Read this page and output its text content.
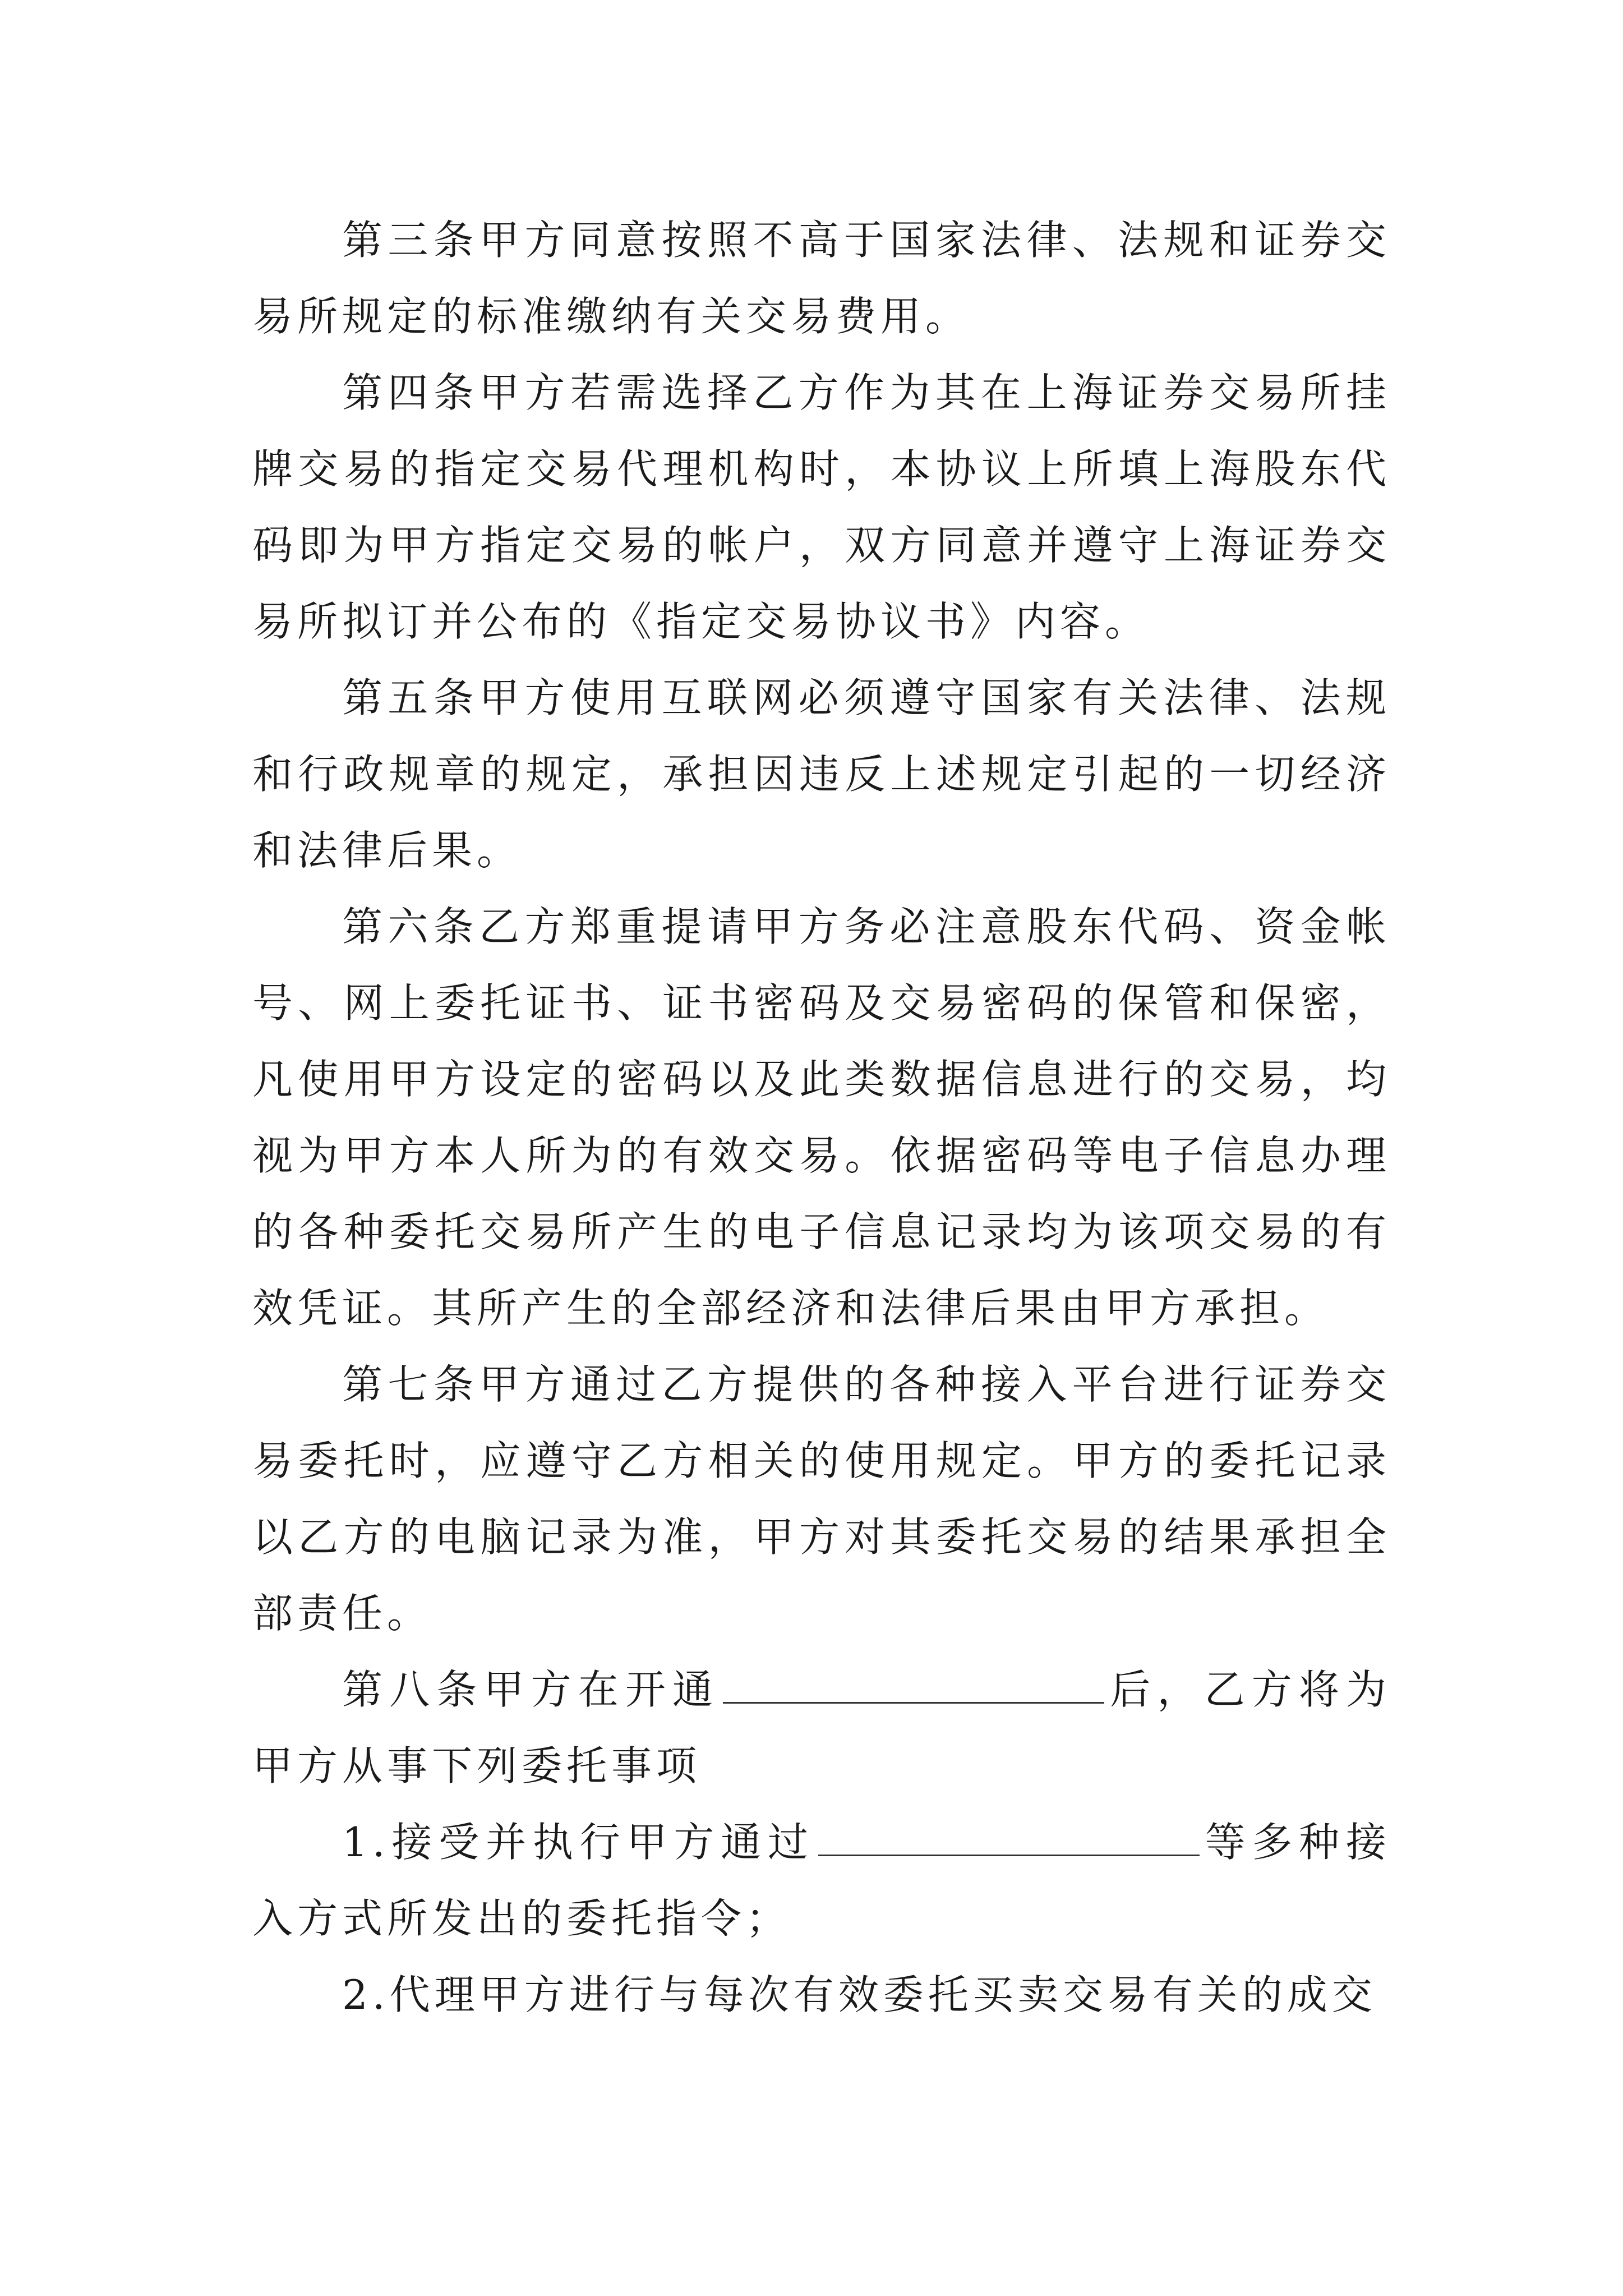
第三条甲方同意按照不高于国家法律、法规和证券交易所规定的标准缴纳有关交易费用。

第四条甲方若需选择乙方作为其在上海证券交易所挂牌交易的指定交易代理机构时，本协议上所填上海股东代码即为甲方指定交易的帐户，双方同意并遵守上海证券交易所拟订并公布的《指定交易协议书》内容。

第五条甲方使用互联网必须遵守国家有关法律、法规和行政规章的规定，承担因违反上述规定引起的一切经济和法律后果。

第六条乙方郑重提请甲方务必注意股东代码、资金帐号、网上委托证书、证书密码及交易密码的保管和保密，凡使用甲方设定的密码以及此类数据信息进行的交易，均视为甲方本人所为的有效交易。依据密码等电子信息办理的各种委托交易所产生的电子信息记录均为该项交易的有效凭证。其所产生的全部经济和法律后果由甲方承担。

第七条甲方通过乙方提供的各种接入平台进行证券交易委托时，应遵守乙方相关的使用规定。甲方的委托记录以乙方的电脑记录为准，甲方对其委托交易的结果承担全部责任。

第八条甲方在开通	后，乙方将为甲方从事下列委托事项

1.接受并执行甲方通过	等多种接入方式所发出的委托指令；

2.代理甲方进行与每次有效委托买卖交易有关的成交
